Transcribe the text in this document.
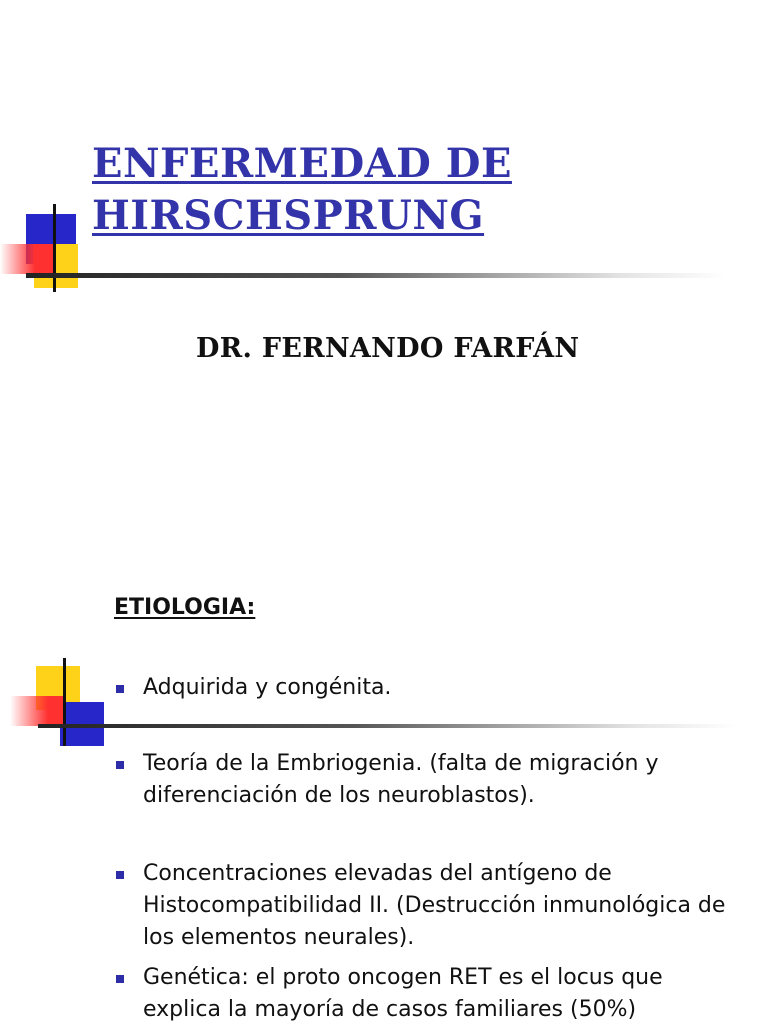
ENFERMEDAD DE
HIRSCHSPRUNG
DR. FERNANDO FARFÁN
ETIOLOGIA:
Adquirida y congénita.
Teoría de la Embriogenia. (falta de migración y diferenciación de los neuroblastos).
Concentraciones elevadas del antígeno de Histocompatibilidad II. (Destrucción inmunológica de los elementos neurales).
Genética: el proto oncogen RET es el locus que explica la mayoría de casos familiares (50%)
